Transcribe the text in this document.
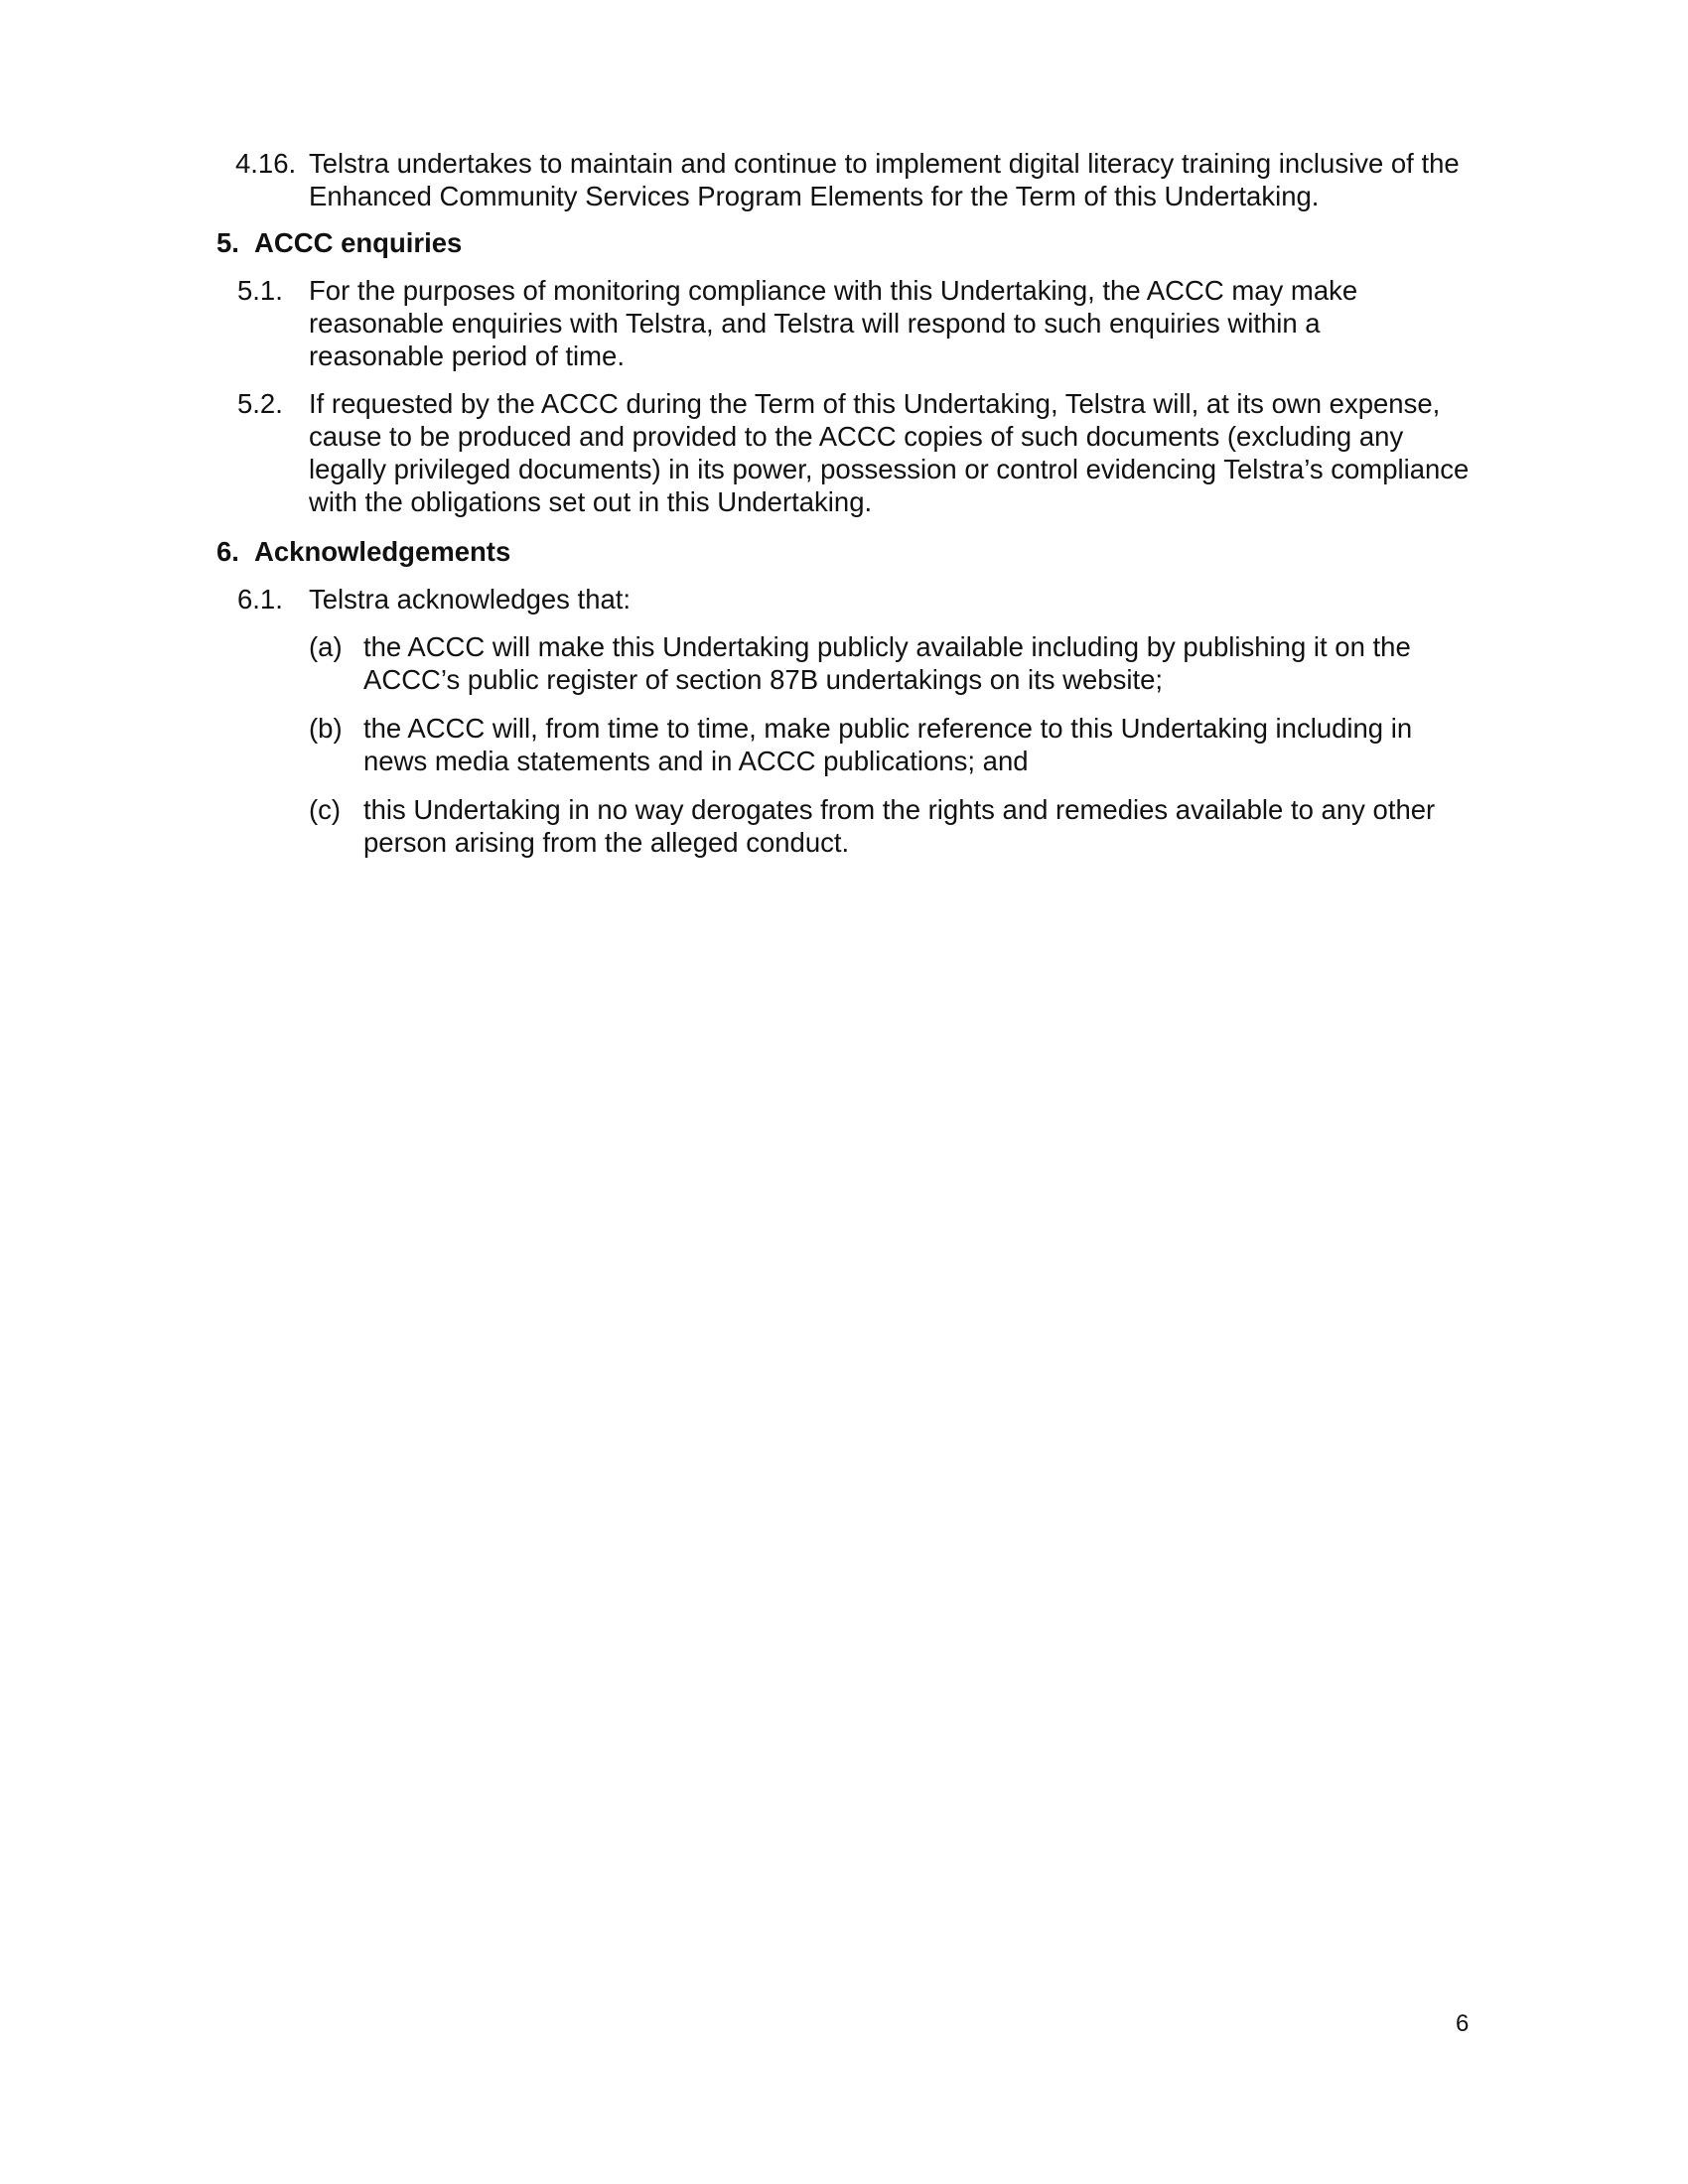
4.16. Telstra undertakes to maintain and continue to implement digital literacy training inclusive of the Enhanced Community Services Program Elements for the Term of this Undertaking.
5. ACCC enquiries
5.1. For the purposes of monitoring compliance with this Undertaking, the ACCC may make reasonable enquiries with Telstra, and Telstra will respond to such enquiries within a reasonable period of time.
5.2. If requested by the ACCC during the Term of this Undertaking, Telstra will, at its own expense, cause to be produced and provided to the ACCC copies of such documents (excluding any legally privileged documents) in its power, possession or control evidencing Telstra’s compliance with the obligations set out in this Undertaking.
6. Acknowledgements
6.1. Telstra acknowledges that:
(a) the ACCC will make this Undertaking publicly available including by publishing it on the ACCC’s public register of section 87B undertakings on its website;
(b) the ACCC will, from time to time, make public reference to this Undertaking including in news media statements and in ACCC publications; and
(c) this Undertaking in no way derogates from the rights and remedies available to any other person arising from the alleged conduct.
6
